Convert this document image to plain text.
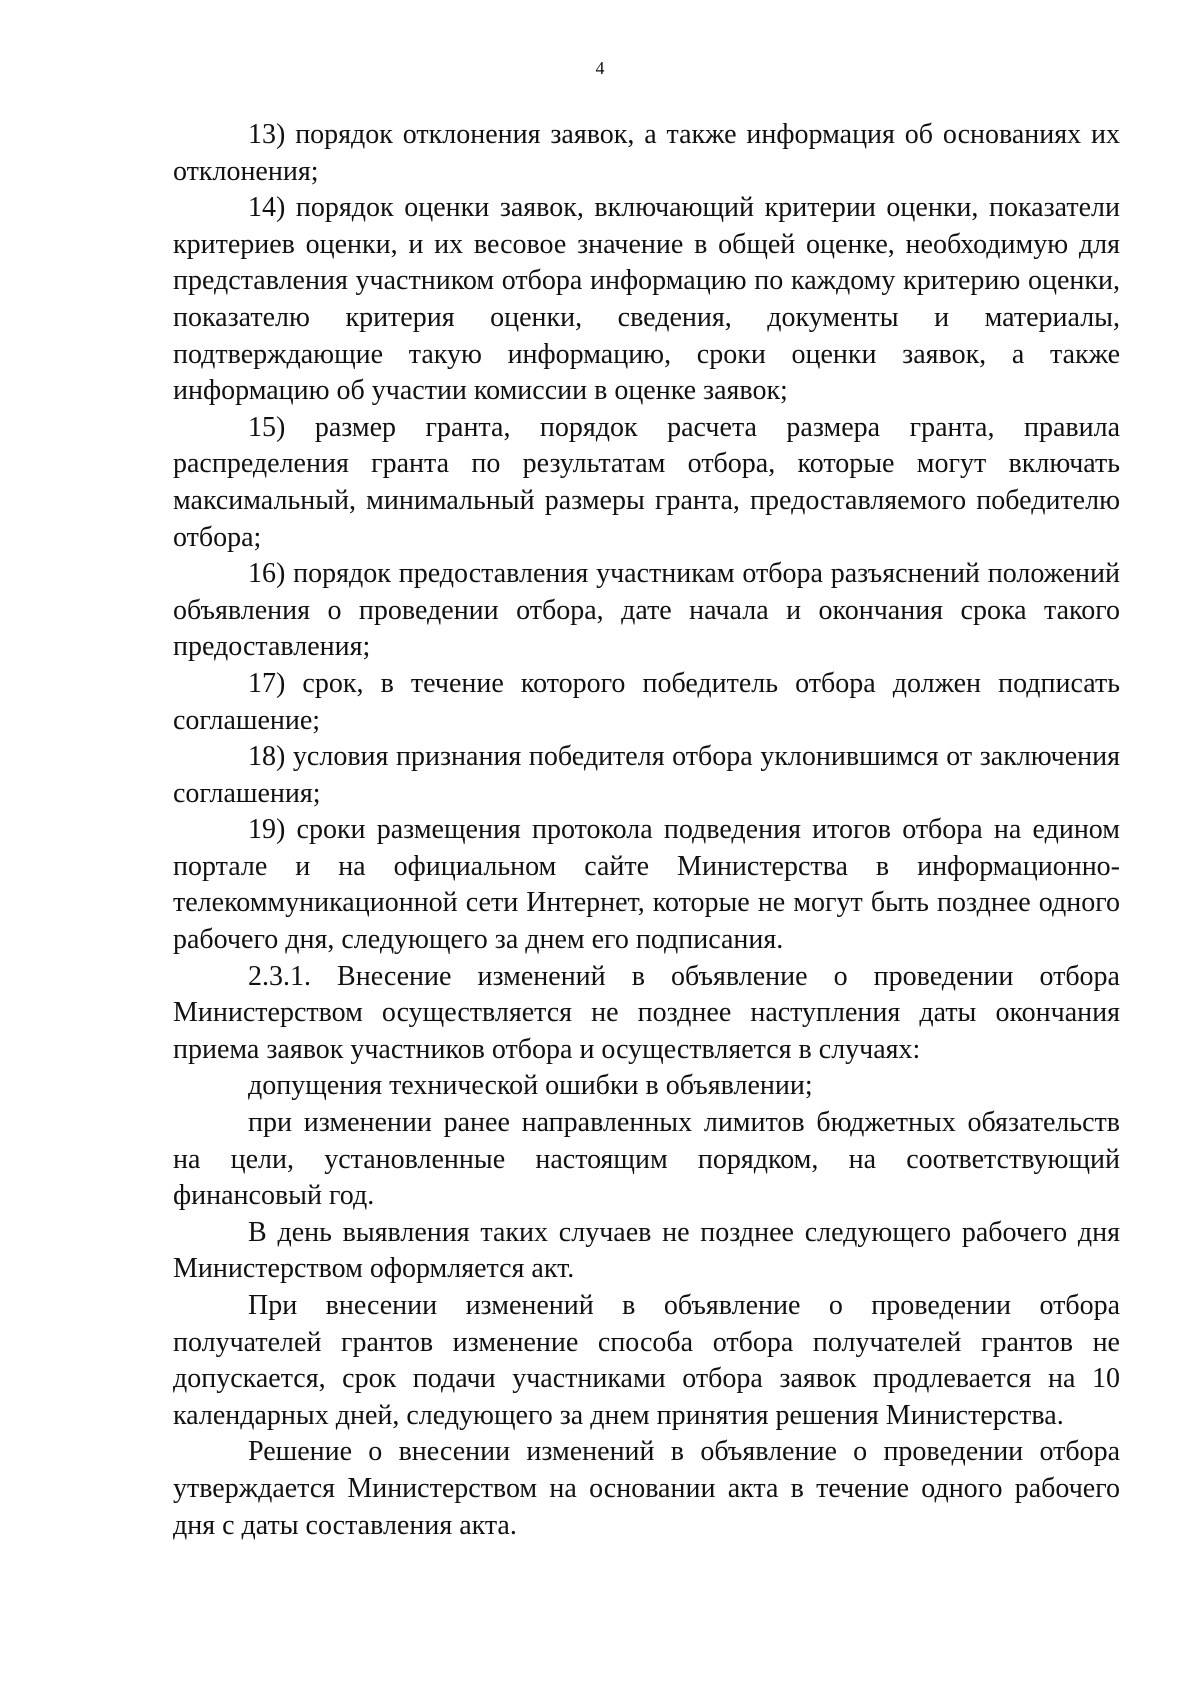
4

13) порядок отклонения заявок, а также информация об основаниях их отклонения;

14) порядок оценки заявок, включающий критерии оценки, показатели критериев оценки, и их весовое значение в общей оценке, необходимую для представления участником отбора информацию по каждому критерию оценки, показателю критерия оценки, сведения, документы и материалы, подтверждающие такую информацию, сроки оценки заявок, а также информацию об участии комиссии в оценке заявок;

15) размер гранта, порядок расчета размера гранта, правила распределения гранта по результатам отбора, которые могут включать максимальный, минимальный размеры гранта, предоставляемого победителю отбора;

16) порядок предоставления участникам отбора разъяснений положений объявления о проведении отбора, дате начала и окончания срока такого предоставления;

17) срок, в течение которого победитель отбора должен подписать соглашение;

18) условия признания победителя отбора уклонившимся от заключения соглашения;

19) сроки размещения протокола подведения итогов отбора на едином портале и на официальном сайте Министерства в информационно-телекоммуникационной сети Интернет, которые не могут быть позднее одного рабочего дня, следующего за днем его подписания.

2.3.1. Внесение изменений в объявление о проведении отбора Министерством осуществляется не позднее наступления даты окончания приема заявок участников отбора и осуществляется в случаях:

допущения технической ошибки в объявлении;

при изменении ранее направленных лимитов бюджетных обязательств на цели, установленные настоящим порядком, на соответствующий финансовый год.

В день выявления таких случаев не позднее следующего рабочего дня Министерством оформляется акт.

При внесении изменений в объявление о проведении отбора получателей грантов изменение способа отбора получателей грантов не допускается, срок подачи участниками отбора заявок продлевается на 10 календарных дней, следующего за днем принятия решения Министерства.

Решение о внесении изменений в объявление о проведении отбора утверждается Министерством на основании акта в течение одного рабочего дня с даты составления акта.
